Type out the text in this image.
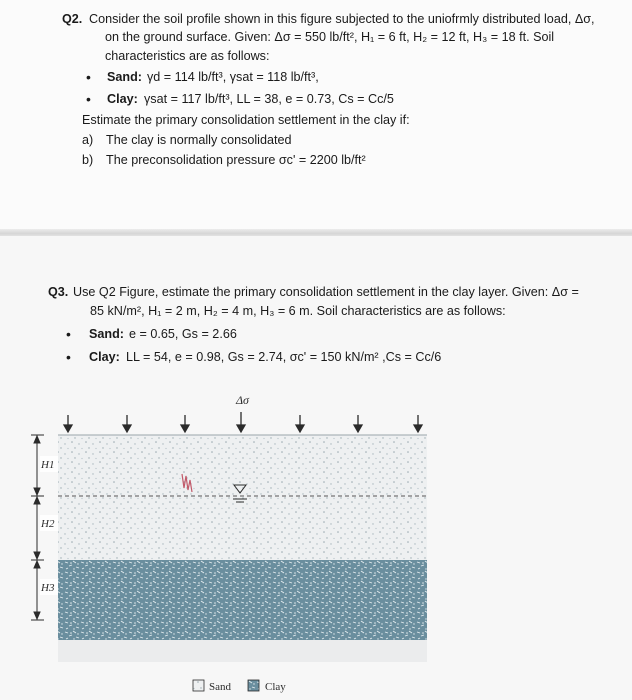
Q2. Consider the soil profile shown in this figure subjected to the uniofrmly distributed load, Δσ,
on the ground surface. Given: Δσ = 550 lb/ft², H₁ = 6 ft, H₂ = 12 ft, H₃ = 18 ft. Soil
characteristics are as follows:
• Sand: γd = 114 lb/ft³, γsat = 118 lb/ft³,
• Clay: γsat = 117 lb/ft³, LL = 38, e = 0.73, Cs = Cc/5
Estimate the primary consolidation settlement in the clay if:
a) The clay is normally consolidated
b) The preconsolidation pressure σc' = 2200 lb/ft²
Q3. Use Q2 Figure, estimate the primary consolidation settlement in the clay layer. Given: Δσ =
85 kN/m², H₁ = 2 m, H₂ = 4 m, H₃ = 6 m. Soil characteristics are as follows:
• Sand: e = 0.65, Gs = 2.66
• Clay: LL = 54, e = 0.98, Gs = 2.74, σc' = 150 kN/m² ,Cs = Cc/6
Δσ
H1
H2
H3
Sand	Clay
